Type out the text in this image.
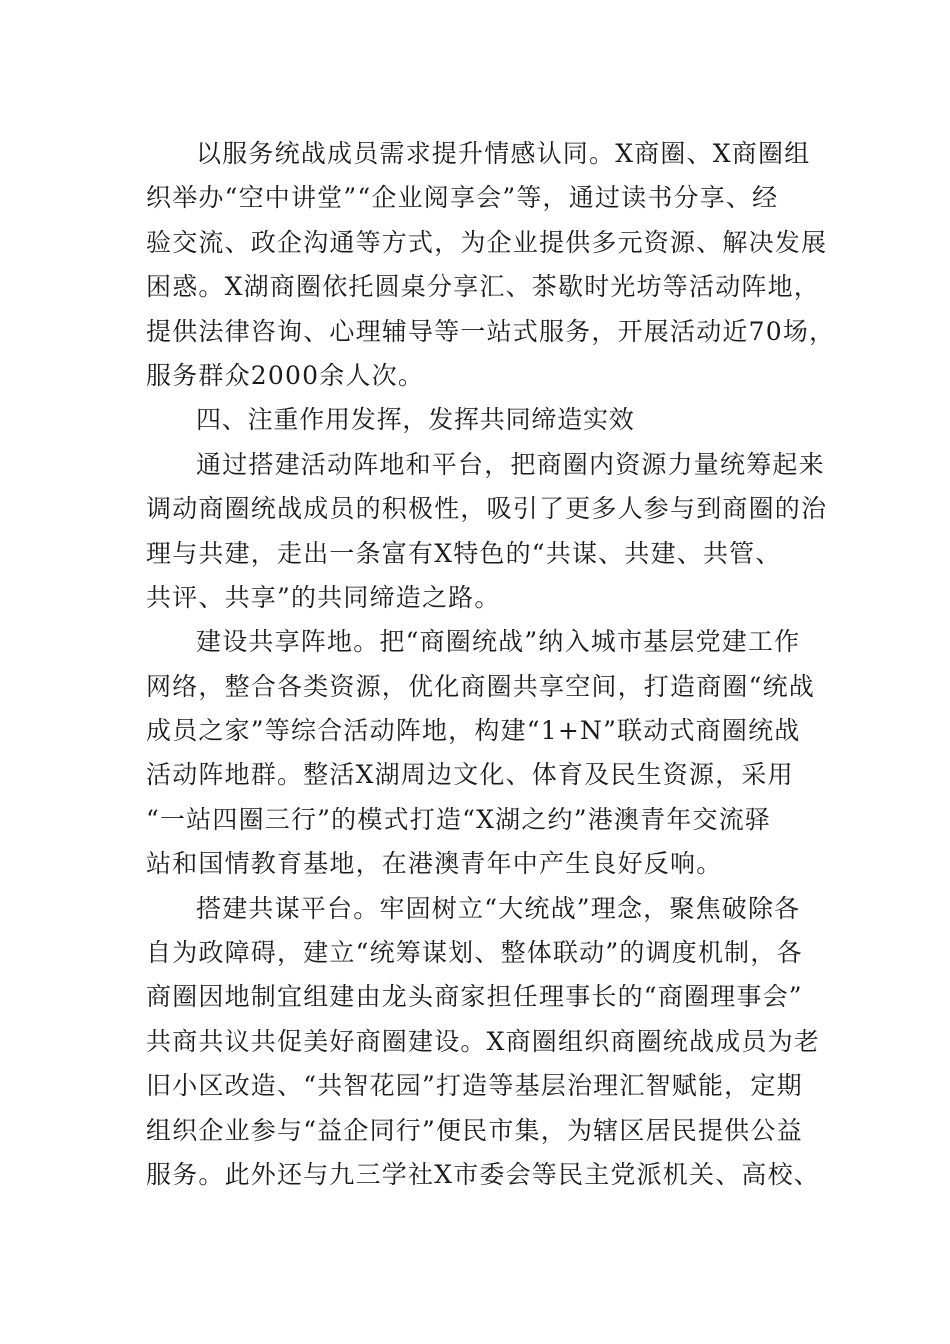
以服务统战成员需求提升情感认同。X商圈、X商圈组
织举办“空中讲堂”“企业阅享会”等，通过读书分享、经
验交流、政企沟通等方式，为企业提供多元资源、解决发展
困惑。X湖商圈依托圆桌分享汇、茶歇时光坊等活动阵地，
提供法律咨询、心理辅导等一站式服务，开展活动近70场，
服务群众2000余人次。
四、注重作用发挥，发挥共同缔造实效
通过搭建活动阵地和平台，把商圈内资源力量统筹起来
调动商圈统战成员的积极性，吸引了更多人参与到商圈的治
理与共建，走出一条富有X特色的“共谋、共建、共管、
共评、共享”的共同缔造之路。
建设共享阵地。把“商圈统战”纳入城市基层党建工作
网络，整合各类资源，优化商圈共享空间，打造商圈“统战
成员之家”等综合活动阵地，构建“1+N”联动式商圈统战
活动阵地群。整活X湖周边文化、体育及民生资源，采用
“一站四圈三行”的模式打造“X湖之约”港澳青年交流驿
站和国情教育基地，在港澳青年中产生良好反响。
搭建共谋平台。牢固树立“大统战”理念，聚焦破除各
自为政障碍，建立“统筹谋划、整体联动”的调度机制，各
商圈因地制宜组建由龙头商家担任理事长的“商圈理事会”
共商共议共促美好商圈建设。X商圈组织商圈统战成员为老
旧小区改造、“共智花园”打造等基层治理汇智赋能，定期
组织企业参与“益企同行”便民市集，为辖区居民提供公益
服务。此外还与九三学社X市委会等民主党派机关、高校、
